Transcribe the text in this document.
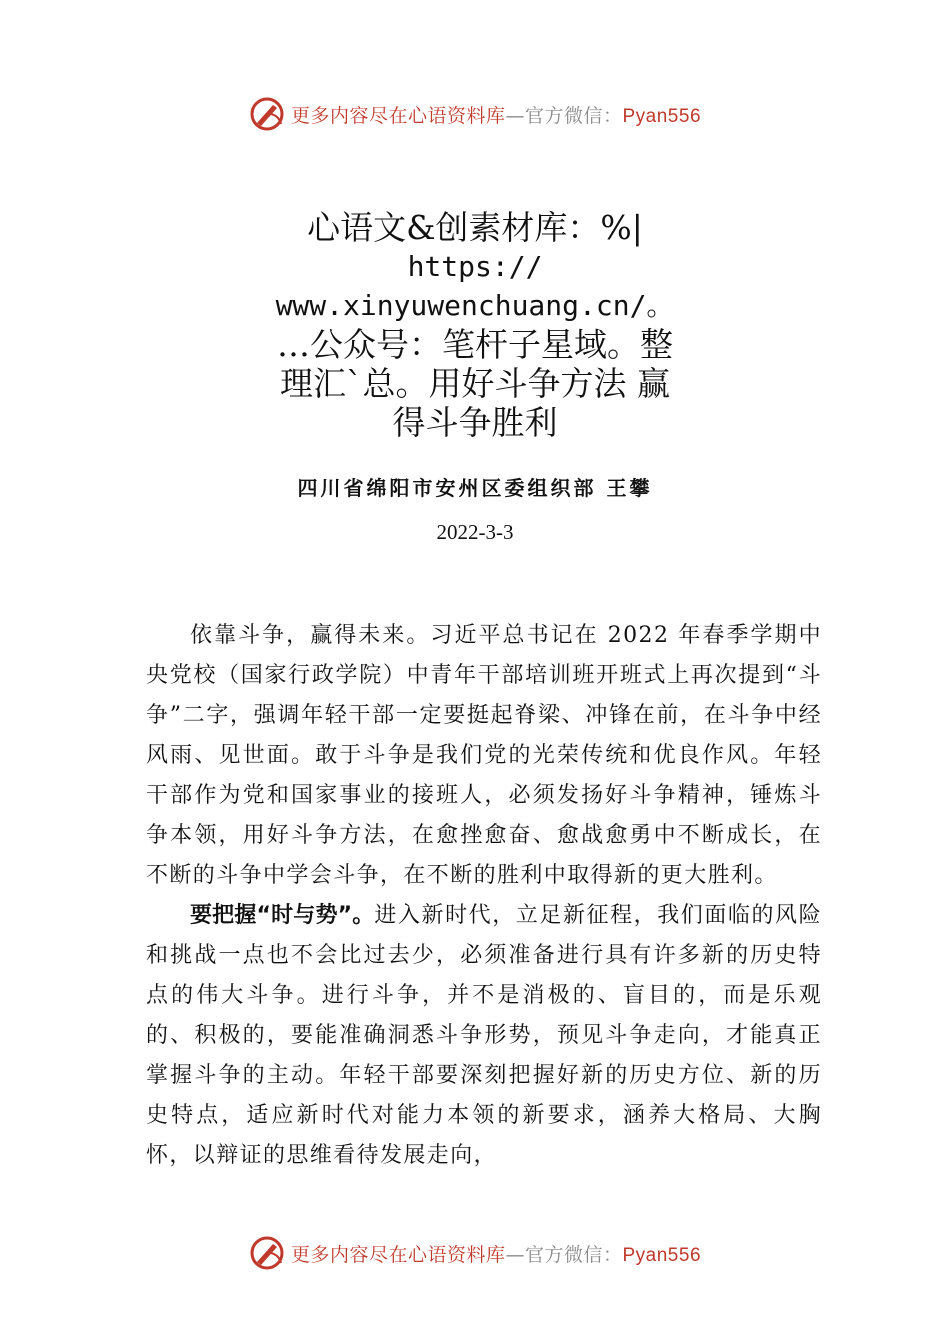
更多内容尽在心语资料库—官方微信：Pyan556
心语文&创素材库：%|
https://
www.xinyuwenchuang.cn/。
…公众号：笔杆子星域。整
理汇`总。用好斗争方法 赢
得斗争胜利
四川省绵阳市安州区委组织部 王攀
2022-3-3

依靠斗争，赢得未来。习近平总书记在 2022 年春季学期中央党校（国家行政学院）中青年干部培训班开班式上再次提到“斗争”二字，强调年轻干部一定要挺起脊梁、冲锋在前，在斗争中经风雨、见世面。敢于斗争是我们党的光荣传统和优良作风。年轻干部作为党和国家事业的接班人，必须发扬好斗争精神，锤炼斗争本领，用好斗争方法，在愈挫愈奋、愈战愈勇中不断成长，在不断的斗争中学会斗争，在不断的胜利中取得新的更大胜利。

要把握“时与势”。进入新时代，立足新征程，我们面临的风险和挑战一点也不会比过去少，必须准备进行具有许多新的历史特点的伟大斗争。进行斗争，并不是消极的、盲目的，而是乐观的、积极的，要能准确洞悉斗争形势，预见斗争走向，才能真正掌握斗争的主动。年轻干部要深刻把握好新的历史方位、新的历史特点，适应新时代对能力本领的新要求，涵养大格局、大胸怀，以辩证的思维看待发展走向，

更多内容尽在心语资料库—官方微信：Pyan556
